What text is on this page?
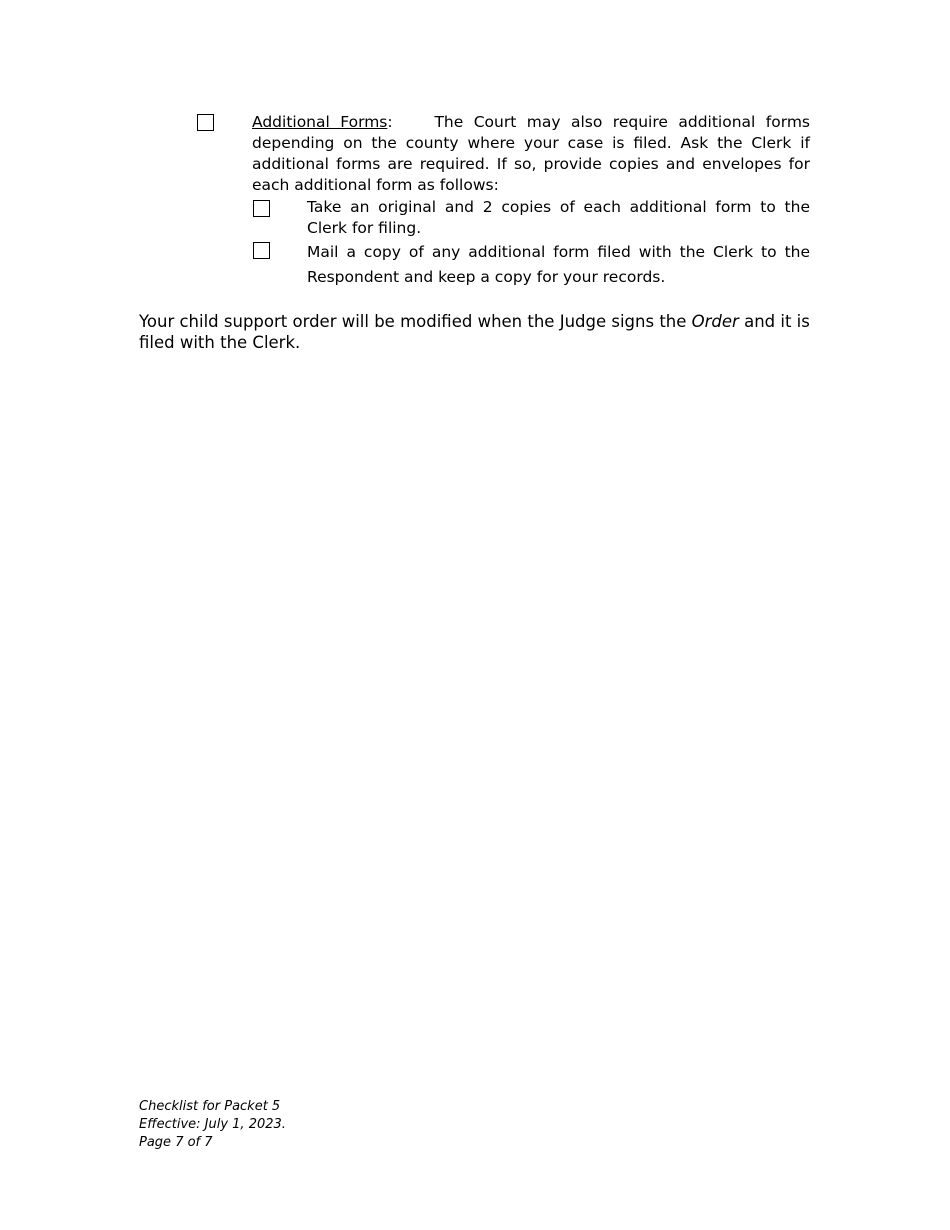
Additional Forms:    The Court may also require additional forms depending on the county where your case is filed. Ask the Clerk if additional forms are required. If so, provide copies and envelopes for each additional form as follows:
Take an original and 2 copies of each additional form to the Clerk for filing.
Mail a copy of any additional form filed with the Clerk to the Respondent and keep a copy for your records.
Your child support order will be modified when the Judge signs the Order and it is filed with the Clerk.
Checklist for Packet 5
Effective: July 1, 2023.
Page 7 of 7
